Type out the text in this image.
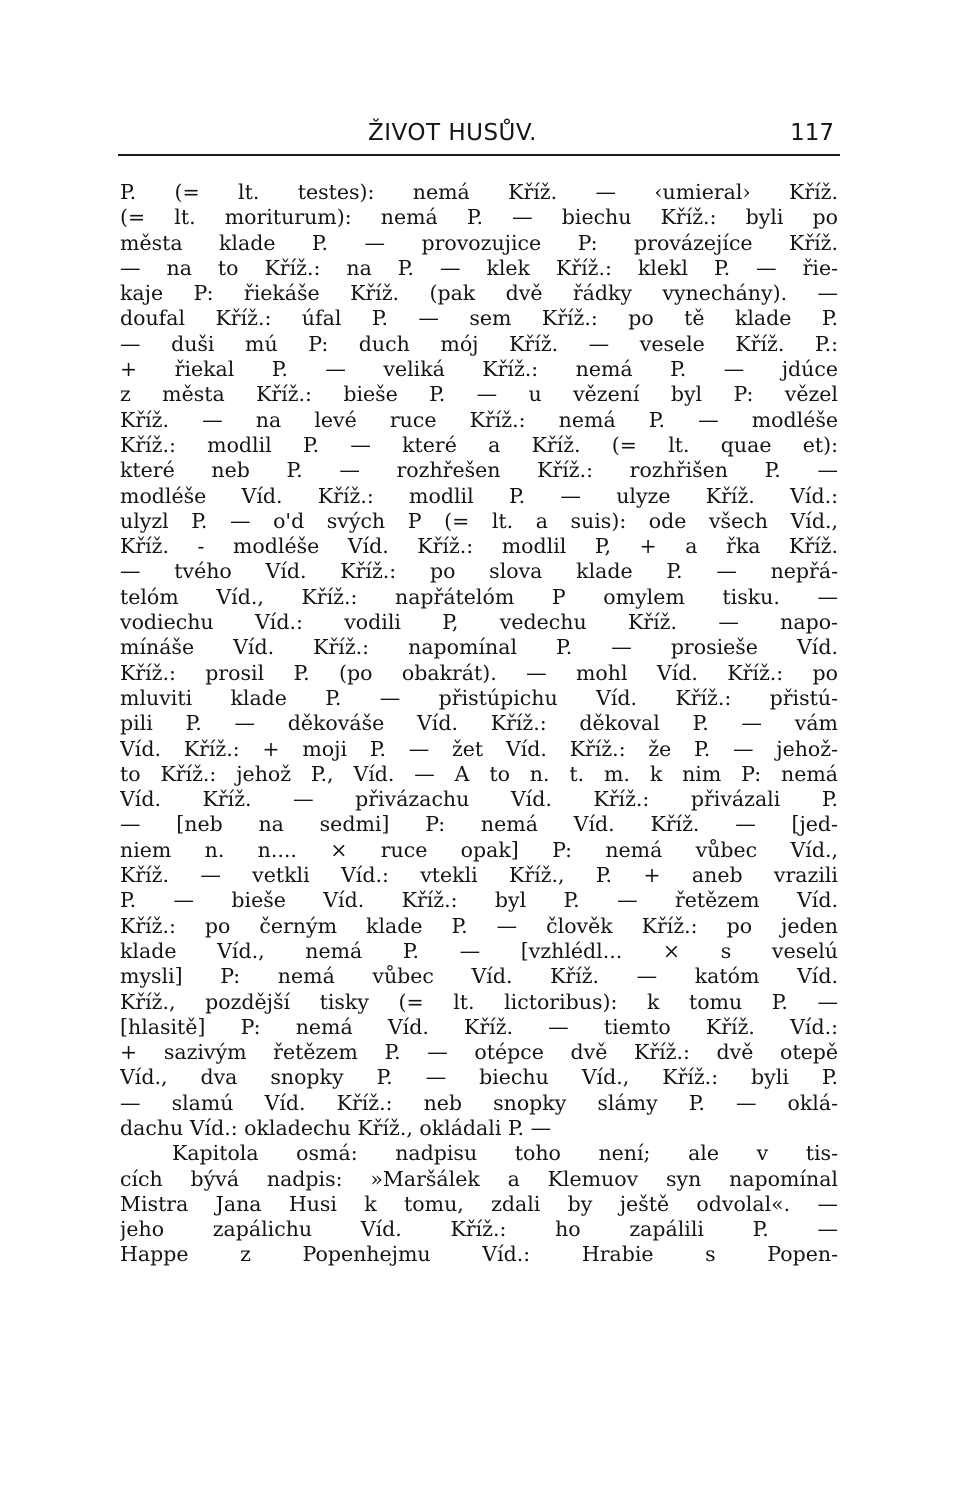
ŽIVOT HUSŮV.	117
P. (= lt. testes): nemá Kříž. — ‹umieral› Kříž.
(= lt. moriturum): nemá P. — biechu Kříž.: byli po
města klade P. — provozujice P: provázejíce Kříž.
— na to Kříž.: na P. — klek Kříž.: klekl P. — řie-
kaje P: řiekáše Kříž. (pak dvě řádky vynechány). —
doufal Kříž.: úfal P. — sem Kříž.: po tě klade P.
— duši mú P: duch mój Kříž. — vesele Kříž. P.:
+ řiekal P. — veliká Kříž.: nemá P. — jdúce
z města Kříž.: bieše P. — u vězení byl P: vězel
Kříž. — na levé ruce Kříž.: nemá P. — modléše
Kříž.: modlil P. — které a Kříž. (= lt. quae et):
které neb P. — rozhřešen Kříž.: rozhřišen P. —
modléše Víd. Kříž.: modlil P. — ulyze Kříž. Víd.:
ulyzl P. — o'd svých P (= lt. a suis): ode všech Víd.,
Kříž. - modléše Víd. Kříž.: modlil P, + a řka Kříž.
— tvého Víd. Kříž.: po slova klade P. — nepřá-
telóm Víd., Kříž.: napřátelóm P omylem tisku. —
vodiechu Víd.: vodili P, vedechu Kříž. — napo-
mínáše Víd. Kříž.: napomínal P. — prosieše Víd.
Kříž.: prosil P. (po obakrát). — mohl Víd. Kříž.: po
mluviti klade P. — přistúpichu Víd. Kříž.: přistú-
pili P. — děkováše Víd. Kříž.: děkoval P. — vám
Víd. Kříž.: + moji P. — žet Víd. Kříž.: že P. — jehož-
to Kříž.: jehož P., Víd. — A to n. t. m. k nim P: nemá
Víd. Kříž. — přivázachu Víd. Kříž.: přivázali P.
— [neb na sedmi] P: nemá Víd. Kříž. — [jed-
niem n. n.... × ruce opak] P: nemá vůbec Víd.,
Kříž. — vetkli Víd.: vtekli Kříž., P. + aneb vrazili
P. — bieše Víd. Kříž.: byl P. — řetězem Víd.
Kříž.: po černým klade P. — člověk Kříž.: po jeden
klade Víd., nemá P. — [vzhlédl... × s veselú
mysli] P: nemá vůbec Víd. Kříž. — katóm Víd.
Kříž., pozdější tisky (= lt. lictoribus): k tomu P. —
[hlasitě] P: nemá Víd. Kříž. — tiemto Kříž. Víd.:
+ sazivým řetězem P. — otépce dvě Kříž.: dvě otepě
Víd., dva snopky P. — biechu Víd., Kříž.: byli P.
— slamú Víd. Kříž.: neb snopky slámy P. — oklá-
dachu Víd.: okladechu Kříž., okládali P. —
Kapitola osmá: nadpisu toho není; ale v tis-
cích bývá nadpis: »Maršálek a Klemuov syn napomínal
Mistra Jana Husi k tomu, zdali by ještě odvolal«. —
jeho zapálichu Víd. Kříž.: ho zapálili P. —
Happe z Popenhejmu Víd.: Hrabie s Popen-
